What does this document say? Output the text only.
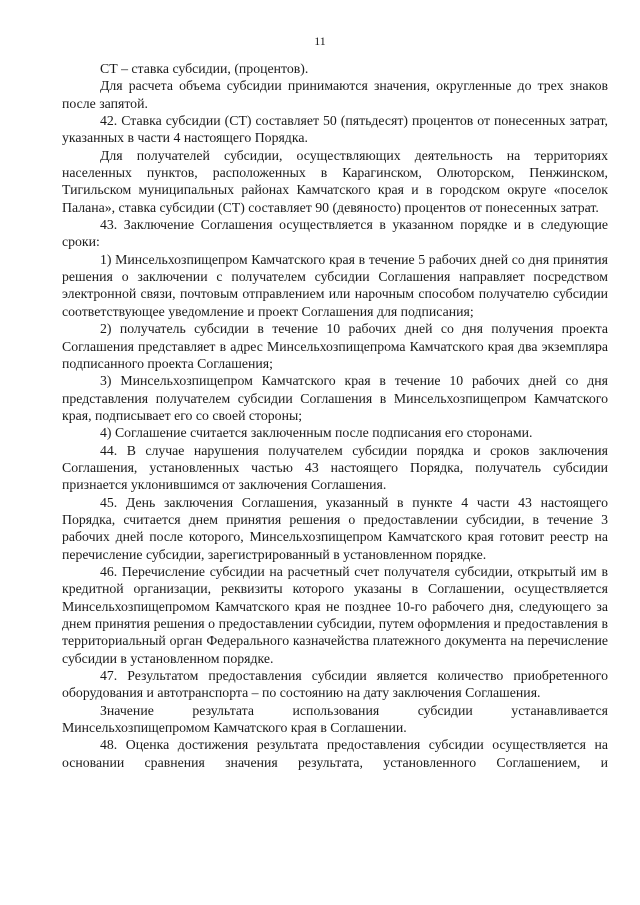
11

СТ – ставка субсидии, (процентов).

Для расчета объема субсидии принимаются значения, округленные до трех знаков после запятой.

42. Ставка субсидии (СТ) составляет 50 (пятьдесят) процентов от понесенных затрат, указанных в части 4 настоящего Порядка.

Для получателей субсидии, осуществляющих деятельность на территориях населенных пунктов, расположенных в Карагинском, Олюторском, Пенжинском, Тигильском муниципальных районах Камчатского края и в городском округе «поселок Палана», ставка субсидии (СТ) составляет 90 (девяносто) процентов от понесенных затрат.

43. Заключение Соглашения осуществляется в указанном порядке и в следующие сроки:

1) Минсельхозпищепром Камчатского края в течение 5 рабочих дней со дня принятия решения о заключении с получателем субсидии Соглашения направляет посредством электронной связи, почтовым отправлением или нарочным способом получателю субсидии соответствующее уведомление и проект Соглашения для подписания;

2) получатель субсидии в течение 10 рабочих дней со дня получения проекта Соглашения представляет в адрес Минсельхозпищепрома Камчатского края два экземпляра подписанного проекта Соглашения;

3) Минсельхозпищепром Камчатского края в течение 10 рабочих дней со дня представления получателем субсидии Соглашения в Минсельхозпищепром Камчатского края, подписывает его со своей стороны;

4) Соглашение считается заключенным после подписания его сторонами.

44. В случае нарушения получателем субсидии порядка и сроков заключения Соглашения, установленных частью 43 настоящего Порядка, получатель субсидии признается уклонившимся от заключения Соглашения.

45. День заключения Соглашения, указанный в пункте 4 части 43 настоящего Порядка, считается днем принятия решения о предоставлении субсидии, в течение 3 рабочих дней после которого, Минсельхозпищепром Камчатского края готовит реестр на перечисление субсидии, зарегистрированный в установленном порядке.

46. Перечисление субсидии на расчетный счет получателя субсидии, открытый им в кредитной организации, реквизиты которого указаны в Соглашении, осуществляется Минсельхозпищепромом Камчатского края не позднее 10-го рабочего дня, следующего за днем принятия решения о предоставлении субсидии, путем оформления и предоставления в территориальный орган Федерального казначейства платежного документа на перечисление субсидии в установленном порядке.

47. Результатом предоставления субсидии является количество приобретенного оборудования и автотранспорта – по состоянию на дату заключения Соглашения.

Значение результата использования субсидии устанавливается Минсельхозпищепромом Камчатского края в Соглашении.

48. Оценка достижения результата предоставления субсидии осуществляется на основании сравнения значения результата, установленного Соглашением, и
